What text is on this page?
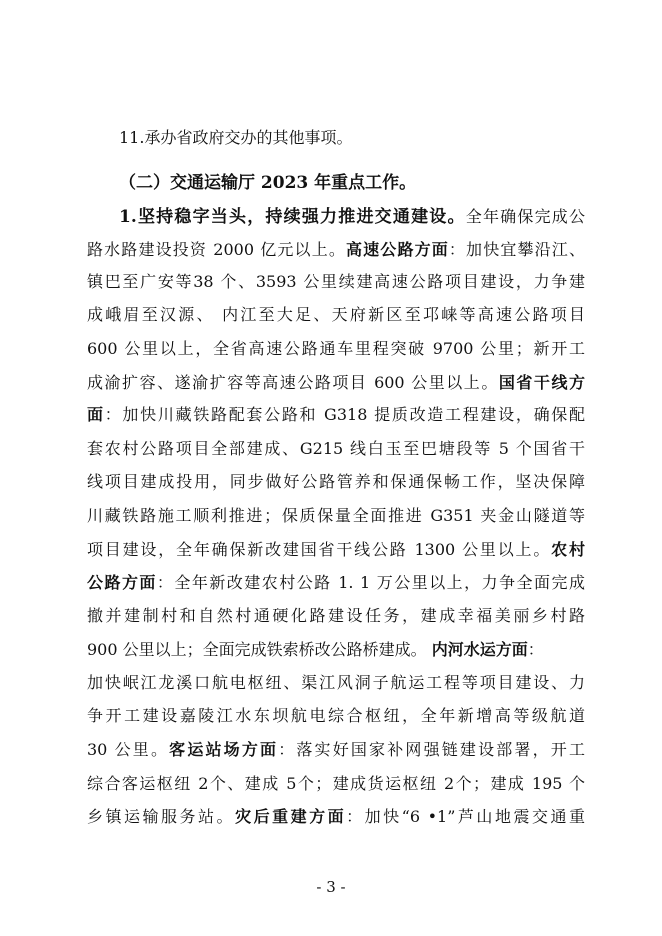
11.承办省政府交办的其他事项。
（二）交通运输厅 2023 年重点工作。
1.坚持稳字当头，持续强力推进交通建设。全年确保完成公
路水路建设投资 2000 亿元以上。高速公路方面：加快宜攀沿江、
镇巴至广安等38 个、3593 公里续建高速公路项目建设，力争建
成峨眉至汉源、 内江至大足、天府新区至邛崃等高速公路项目
600 公里以上，全省高速公路通车里程突破 9700 公里；新开工
成渝扩容、遂渝扩容等高速公路项目 600 公里以上。国省干线方
面：加快川藏铁路配套公路和 G318 提质改造工程建设，确保配
套农村公路项目全部建成、G215 线白玉至巴塘段等 5 个国省干
线项目建成投用，同步做好公路管养和保通保畅工作，坚决保障
川藏铁路施工顺利推进；保质保量全面推进 G351 夹金山隧道等
项目建设，全年确保新改建国省干线公路 1300 公里以上。农村
公路方面：全年新改建农村公路 1. 1 万公里以上，力争全面完成
撤并建制村和自然村通硬化路建设任务，建成幸福美丽乡村路
900 公里以上；全面完成铁索桥改公路桥建成。 内河水运方面：
加快岷江龙溪口航电枢纽、渠江风洞子航运工程等项目建设、力
争开工建设嘉陵江水东坝航电综合枢纽，全年新增高等级航道
30 公里。客运站场方面：落实好国家补网强链建设部署，开工
综合客运枢纽 2个、建成 5个；建成货运枢纽 2个；建成 195 个
乡镇运输服务站。灾后重建方面：加快“6 •1”芦山地震交通重
- 3 -
